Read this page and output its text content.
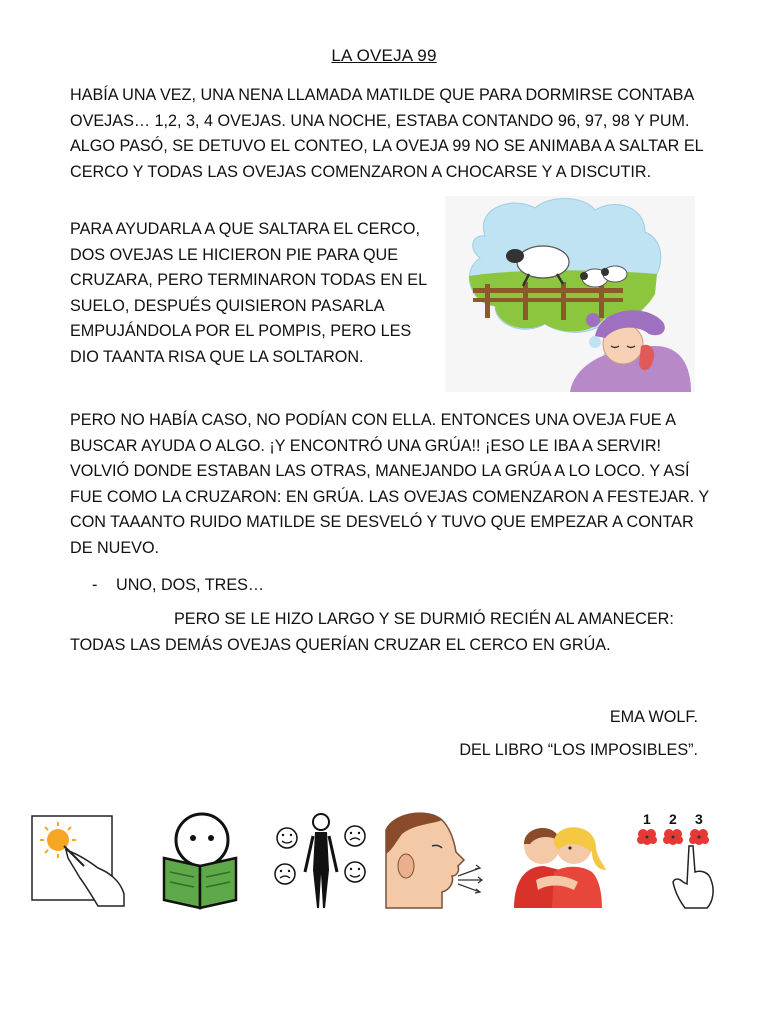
LA OVEJA 99

HABÍA UNA VEZ, UNA NENA LLAMADA MATILDE QUE PARA DORMIRSE CONTABA OVEJAS… 1,2, 3, 4 OVEJAS. UNA NOCHE, ESTABA CONTANDO 96, 97, 98 Y PUM. ALGO PASÓ, SE DETUVO EL CONTEO, LA OVEJA 99 NO SE ANIMABA A SALTAR EL CERCO Y TODAS LAS OVEJAS COMENZARON A CHOCARSE Y A DISCUTIR.

PARA AYUDARLA A QUE SALTARA EL CERCO, DOS OVEJAS LE HICIERON PIE PARA QUE CRUZARA, PERO TERMINARON TODAS EN EL SUELO, DESPUÉS QUISIERON PASARLA EMPUJÁNDOLA POR EL POMPIS, PERO LES DIO TAANTA RISA QUE LA SOLTARON.

PERO NO HABÍA CASO, NO PODÍAN CON ELLA. ENTONCES UNA OVEJA FUE A BUSCAR AYUDA O ALGO. ¡Y ENCONTRÓ UNA GRÚA!! ¡ESO LE IBA A SERVIR! VOLVIÓ DONDE ESTABAN LAS OTRAS, MANEJANDO LA GRÚA A LO LOCO. Y ASÍ FUE COMO LA CRUZARON: EN GRÚA. LAS OVEJAS COMENZARON A FESTEJAR. Y CON TAAANTO RUIDO MATILDE SE DESVELÓ Y TUVO QUE EMPEZAR A CONTAR DE NUEVO.

- UNO, DOS, TRES…

PERO SE LE HIZO LARGO Y SE DURMIÓ RECIÉN AL AMANECER: TODAS LAS DEMÁS OVEJAS QUERÍAN CRUZAR EL CERCO EN GRÚA.

EMA WOLF.
DEL LIBRO “LOS IMPOSIBLES”.
1 2 3
